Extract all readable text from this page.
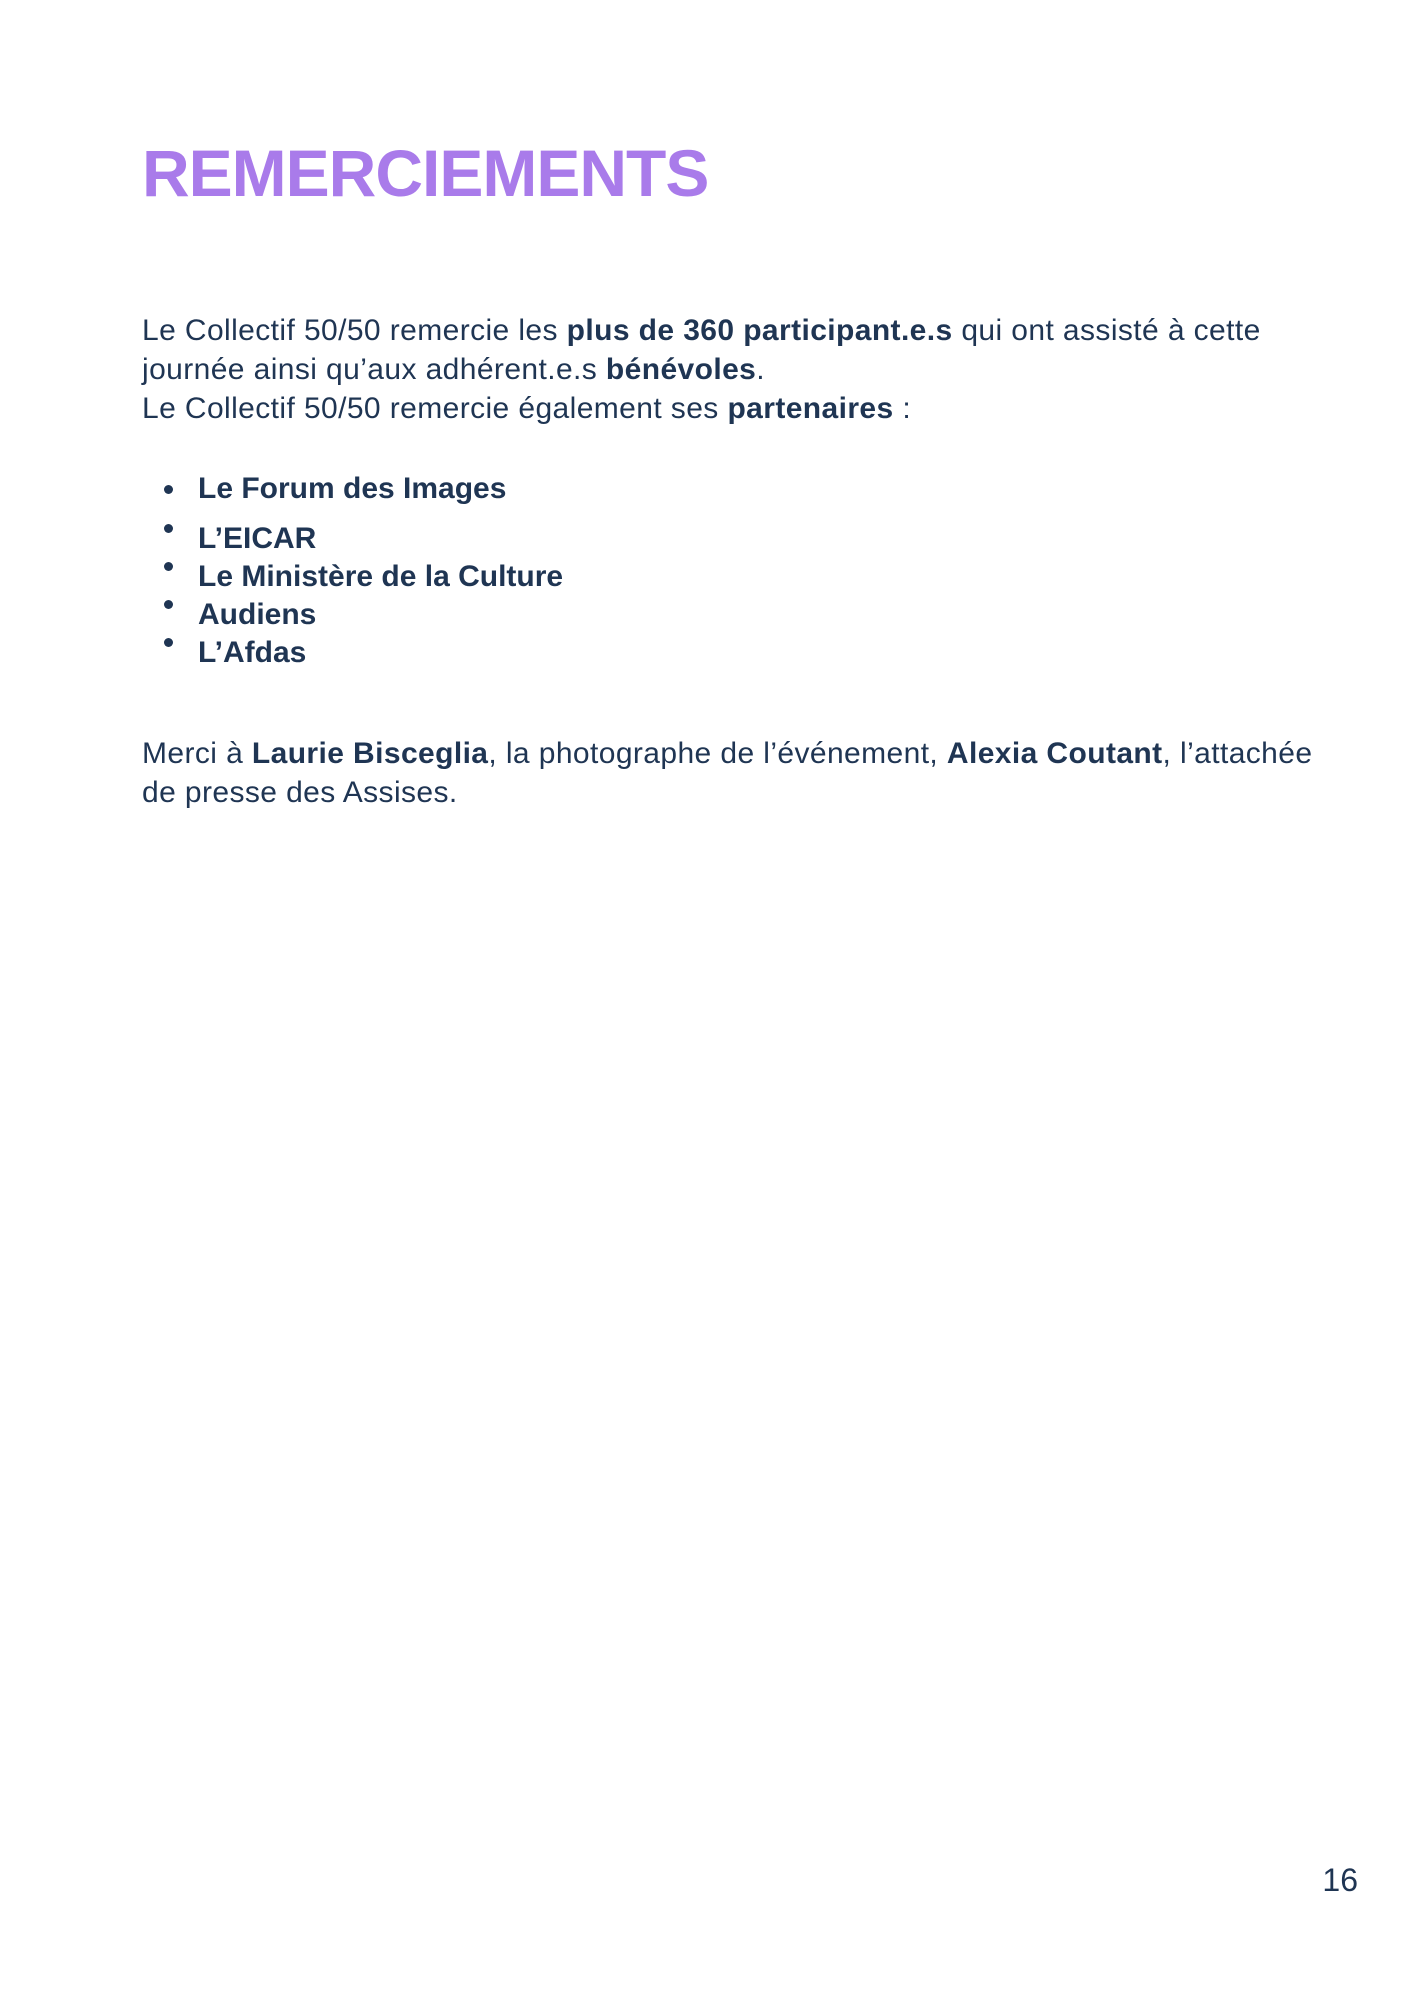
REMERCIEMENTS

Le Collectif 50/50 remercie les plus de 360 participant.e.s qui ont assisté à cette journée ainsi qu’aux adhérent.e.s bénévoles.

Le Collectif 50/50 remercie également ses partenaires :

Le Forum des Images
L’EICAR
Le Ministère de la Culture
Audiens
L’Afdas

Merci à Laurie Bisceglia, la photographe de l’événement, Alexia Coutant, l’attachée de presse des Assises.

16
